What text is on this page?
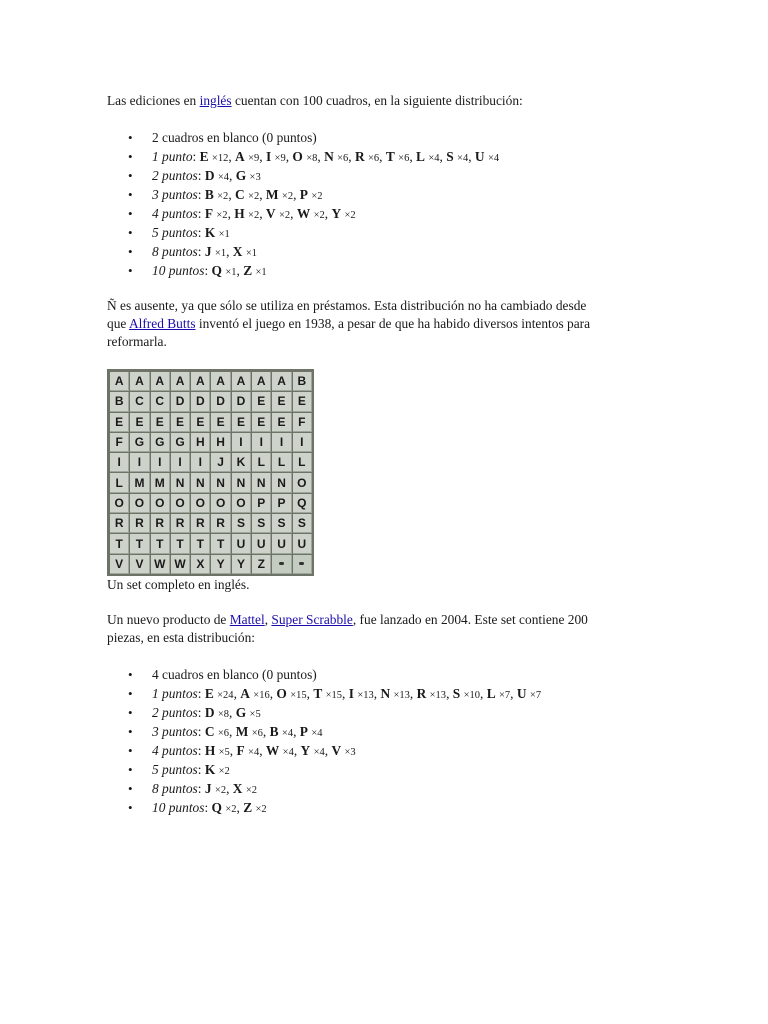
Las ediciones en inglés cuentan con 100 cuadros, en la siguiente distribución:

• 2 cuadros en blanco (0 puntos)
• 1 punto: E ×12, A ×9, I ×9, O ×8, N ×6, R ×6, T ×6, L ×4, S ×4, U ×4
• 2 puntos: D ×4, G ×3
• 3 puntos: B ×2, C ×2, M ×2, P ×2
• 4 puntos: F ×2, H ×2, V ×2, W ×2, Y ×2
• 5 puntos: K ×1
• 8 puntos: J ×1, X ×1
• 10 puntos: Q ×1, Z ×1

Ñ es ausente, ya que sólo se utiliza en préstamos. Esta distribución no ha cambiado desde

que Alfred Butts inventó el juego en 1938, a pesar de que ha habido diversos intentos para

reformarla.

Un set completo en inglés.

Un nuevo producto de Mattel, Super Scrabble, fue lanzado en 2004. Este set contiene 200

piezas, en esta distribución:

• 4 cuadros en blanco (0 puntos)
• 1 puntos: E ×24, A ×16, O ×15, T ×15, I ×13, N ×13, R ×13, S ×10, L ×7, U ×7
• 2 puntos: D ×8, G ×5
• 3 puntos: C ×6, M ×6, B ×4, P ×4
• 4 puntos: H ×5, F ×4, W ×4, Y ×4, V ×3
• 5 puntos: K ×2
• 8 puntos: J ×2, X ×2
• 10 puntos: Q ×2, Z ×2
A A A A A A A A A B
B C C D D D D E E E
E E E E E E E E E F
F G G G H H I I I I
I I I I I J K L L L
L M M N N N N N N O
O O O O O O O P P Q
R R R R R R S S S S
T T T T T T U U U U
V V W W X Y Y Z
